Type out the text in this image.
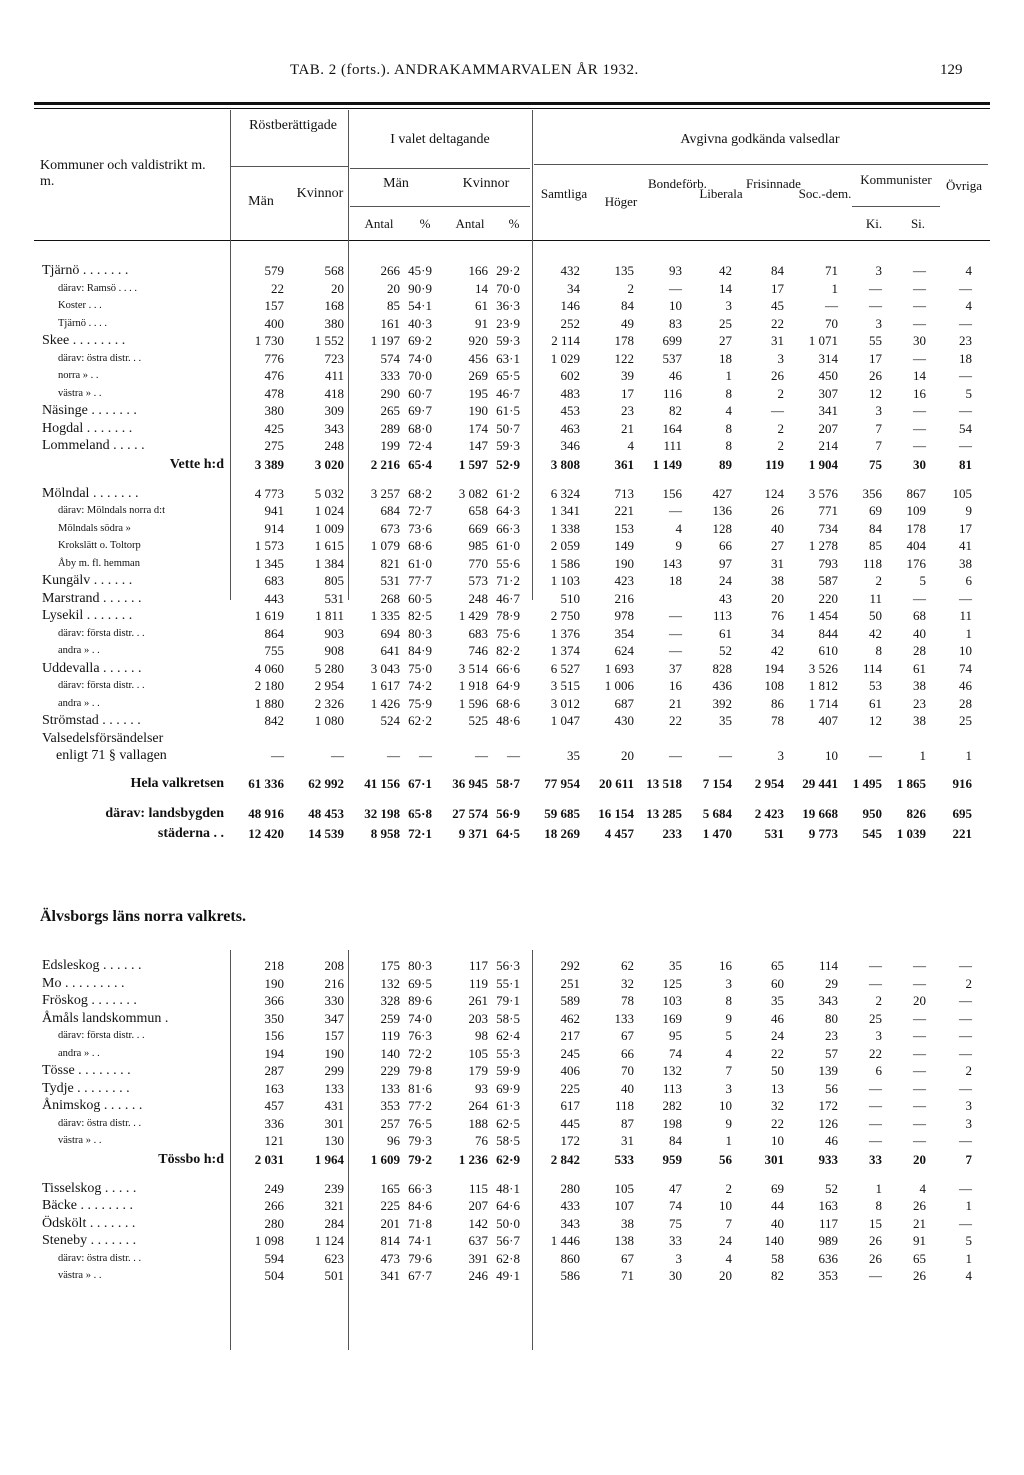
TAB. 2 (forts.). ANDRAKAMMARVALEN ÅR 1932.	129
Kommuner och valdistrikt m. m.
Röstberättigade
Män
Kvinnor
I valet deltagande
Män	Kvinnor
Antal	%	Antal	%
Avgivna godkända valsedlar
Samtliga
Höger
Bondeförb.
Liberala
Frisinnade
Soc.-dem.
Kommunister
Ki.	Si.
Övriga
Tjärnö . . . . . . .	579	568	266	45·9	166	29·2	432	135	93	42	84	71	3	—	4
därav: Ramsö . . . .	22	20	20	90·9	14	70·0	34	2	—	14	17	1	—	—	—
Koster . . .	157	168	85	54·1	61	36·3	146	84	10	3	45	—	—	—	4
Tjärnö . . . .	400	380	161	40·3	91	23·9	252	49	83	25	22	70	3	—	—
Skee . . . . . . . .	1 730	1 552	1 197	69·2	920	59·3	2 114	178	699	27	31	1 071	55	30	23
därav: östra distr. . .	776	723	574	74·0	456	63·1	1 029	122	537	18	3	314	17	—	18
norra » . .	476	411	333	70·0	269	65·5	602	39	46	1	26	450	26	14	—
västra » . .	478	418	290	60·7	195	46·7	483	17	116	8	2	307	12	16	5
Näsinge . . . . . . .	380	309	265	69·7	190	61·5	453	23	82	4	—	341	3	—	—
Hogdal . . . . . . .	425	343	289	68·0	174	50·7	463	21	164	8	2	207	7	—	54
Lommeland . . . . .	275	248	199	72·4	147	59·3	346	4	111	8	2	214	7	—	—
Vette h:d	3 389	3 020	2 216	65·4	1 597	52·9	3 808	361	1 149	89	119	1 904	75	30	81

Mölndal . . . . . . .	4 773	5 032	3 257	68·2	3 082	61·2	6 324	713	156	427	124	3 576	356	867	105
därav: Mölndals norra d:t	941	1 024	684	72·7	658	64·3	1 341	221	—	136	26	771	69	109	9
Mölndals södra »	914	1 009	673	73·6	669	66·3	1 338	153	4	128	40	734	84	178	17
Krokslätt o. Toltorp	1 573	1 615	1 079	68·6	985	61·0	2 059	149	9	66	27	1 278	85	404	41
Åby m. fl. hemman	1 345	1 384	821	61·0	770	55·6	1 586	190	143	97	31	793	118	176	38
Kungälv . . . . . .	683	805	531	77·7	573	71·2	1 103	423	18	24	38	587	2	5	6
Marstrand . . . . . .	443	531	268	60·5	248	46·7	510	216		43	20	220	11	—	—
Lysekil . . . . . . .	1 619	1 811	1 335	82·5	1 429	78·9	2 750	978	—	113	76	1 454	50	68	11
därav: första distr. . .	864	903	694	80·3	683	75·6	1 376	354	—	61	34	844	42	40	1
andra » . .	755	908	641	84·9	746	82·2	1 374	624	—	52	42	610	8	28	10
Uddevalla . . . . . .	4 060	5 280	3 043	75·0	3 514	66·6	6 527	1 693	37	828	194	3 526	114	61	74
därav: första distr. . .	2 180	2 954	1 617	74·2	1 918	64·9	3 515	1 006	16	436	108	1 812	53	38	46
andra » . .	1 880	2 326	1 426	75·9	1 596	68·6	3 012	687	21	392	86	1 714	61	23	28
Strömstad . . . . . .	842	1 080	524	62·2	525	48·6	1 047	430	22	35	78	407	12	38	25

Valsedelsförsändelser
enligt 71 § vallagen	—	—	—	—	—	—	35	20	—	—	3	10	—	1	1

Hela valkretsen	61 336	62 992	41 156	67·1	36 945	58·7	77 954	20 611	13 518	7 154	2 954	29 441	1 495	1 865	916

därav: landsbygden	48 916	48 453	32 198	65·8	27 574	56·9	59 685	16 154	13 285	5 684	2 423	19 668	950	826	695
städerna . .	12 420	14 539	8 958	72·1	9 371	64·5	18 269	4 457	233	1 470	531	9 773	545	1 039	221
Älvsborgs läns norra valkrets.
Edsleskog . . . . . .	218	208	175	80·3	117	56·3	292	62	35	16	65	114	—	—	—
Mo . . . . . . . . .	190	216	132	69·5	119	55·1	251	32	125	3	60	29	—	—	2
Fröskog . . . . . . .	366	330	328	89·6	261	79·1	589	78	103	8	35	343	2	20	—
Åmåls landskommun .	350	347	259	74·0	203	58·5	462	133	169	9	46	80	25	—	—
därav: första distr. . .	156	157	119	76·3	98	62·4	217	67	95	5	24	23	3	—	—
andra » . .	194	190	140	72·2	105	55·3	245	66	74	4	22	57	22	—	—
Tösse . . . . . . . .	287	299	229	79·8	179	59·9	406	70	132	7	50	139	6	—	2
Tydje . . . . . . . .	163	133	133	81·6	93	69·9	225	40	113	3	13	56	—	—	—
Ånimskog . . . . . .	457	431	353	77·2	264	61·3	617	118	282	10	32	172	—	—	3
därav: östra distr. . .	336	301	257	76·5	188	62·5	445	87	198	9	22	126	—	—	3
västra » . .	121	130	96	79·3	76	58·5	172	31	84	1	10	46	—	—	—
Tössbo h:d	2 031	1 964	1 609	79·2	1 236	62·9	2 842	533	959	56	301	933	33	20	7

Tisselskog . . . . .	249	239	165	66·3	115	48·1	280	105	47	2	69	52	1	4	—
Bäcke . . . . . . . .	266	321	225	84·6	207	64·6	433	107	74	10	44	163	8	26	1
Ödskölt . . . . . . .	280	284	201	71·8	142	50·0	343	38	75	7	40	117	15	21	—
Steneby . . . . . . .	1 098	1 124	814	74·1	637	56·7	1 446	138	33	24	140	989	26	91	5
därav: östra distr. . .	594	623	473	79·6	391	62·8	860	67	3	4	58	636	26	65	1
västra » . .	504	501	341	67·7	246	49·1	586	71	30	20	82	353	—	26	4
